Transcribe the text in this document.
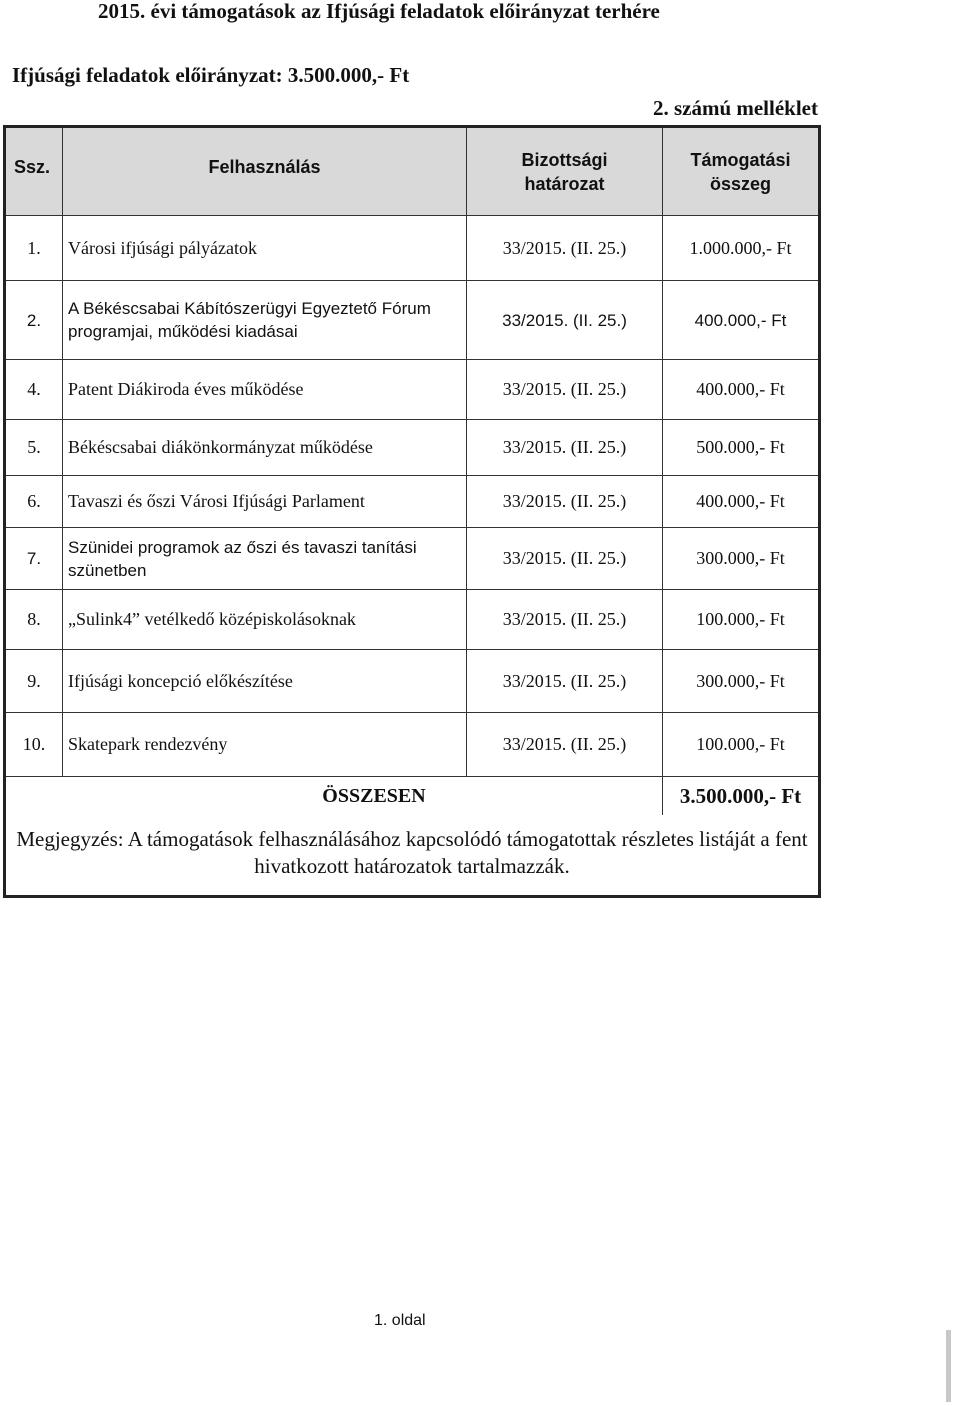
2015. évi támogatások az Ifjúsági feladatok előirányzat terhére
Ifjúsági feladatok előirányzat: 3.500.000,- Ft
2. számú melléklet
Ssz.	Felhasználás	Bizottsági határozat	Támogatási összeg

1.	Városi ifjúsági pályázatok	33/2015. (II. 25.)	1.000.000,- Ft
2.	A Békéscsabai Kábítószerügyi Egyeztető Fórum programjai, működési kiadásai	33/2015. (II. 25.)	400.000,- Ft
4.	Patent Diákiroda éves működése	33/2015. (II. 25.)	400.000,- Ft
5.	Békéscsabai diákönkormányzat működése	33/2015. (II. 25.)	500.000,- Ft
6.	Tavaszi és őszi Városi Ifjúsági Parlament	33/2015. (II. 25.)	400.000,- Ft
7.	Szünidei programok az őszi és tavaszi tanítási szünetben	33/2015. (II. 25.)	300.000,- Ft
8.	„Sulink4” vetélkedő középiskolásoknak	33/2015. (II. 25.)	100.000,- Ft
9.	Ifjúsági koncepció előkészítése	33/2015. (II. 25.)	300.000,- Ft
10.	Skatepark rendezvény	33/2015. (II. 25.)	100.000,- Ft
ÖSSZESEN			3.500.000,- Ft
Megjegyzés: A támogatások felhasználásához kapcsolódó támogatottak részletes listáját a fent hivatkozott határozatok tartalmazzák.			
1. oldal
